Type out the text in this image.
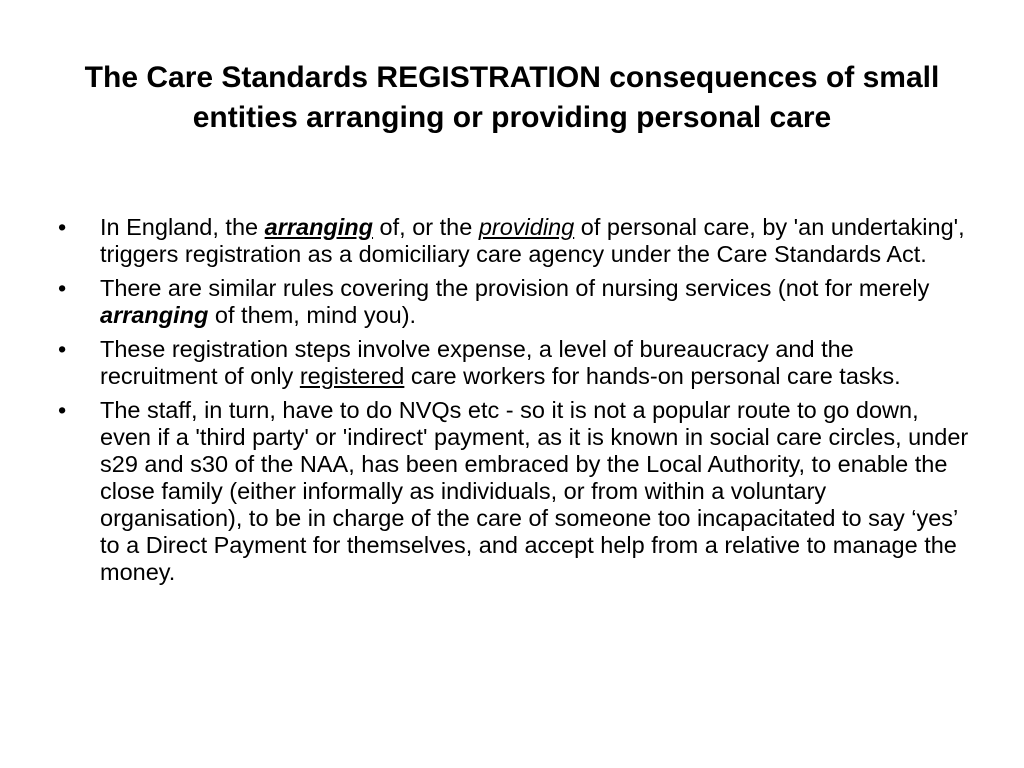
The Care Standards REGISTRATION consequences of small entities arranging or providing personal care
• In England, the arranging of, or the providing of personal care, by 'an undertaking', triggers registration as a domiciliary care agency under the Care Standards Act.
• There are similar rules covering the provision of nursing services (not for merely arranging of them, mind you).
• These registration steps involve expense, a level of bureaucracy and the recruitment of only registered care workers for hands-on personal care tasks.
• The staff, in turn, have to do NVQs etc - so it is not a popular route to go down, even if a 'third party' or 'indirect' payment, as it is known in social care circles, under s29 and s30 of the NAA, has been embraced by the Local Authority, to enable the close family (either informally as individuals, or from within a voluntary organisation), to be in charge of the care of someone too incapacitated to say ‘yes’ to a Direct Payment for themselves, and accept help from a relative to manage the money.
